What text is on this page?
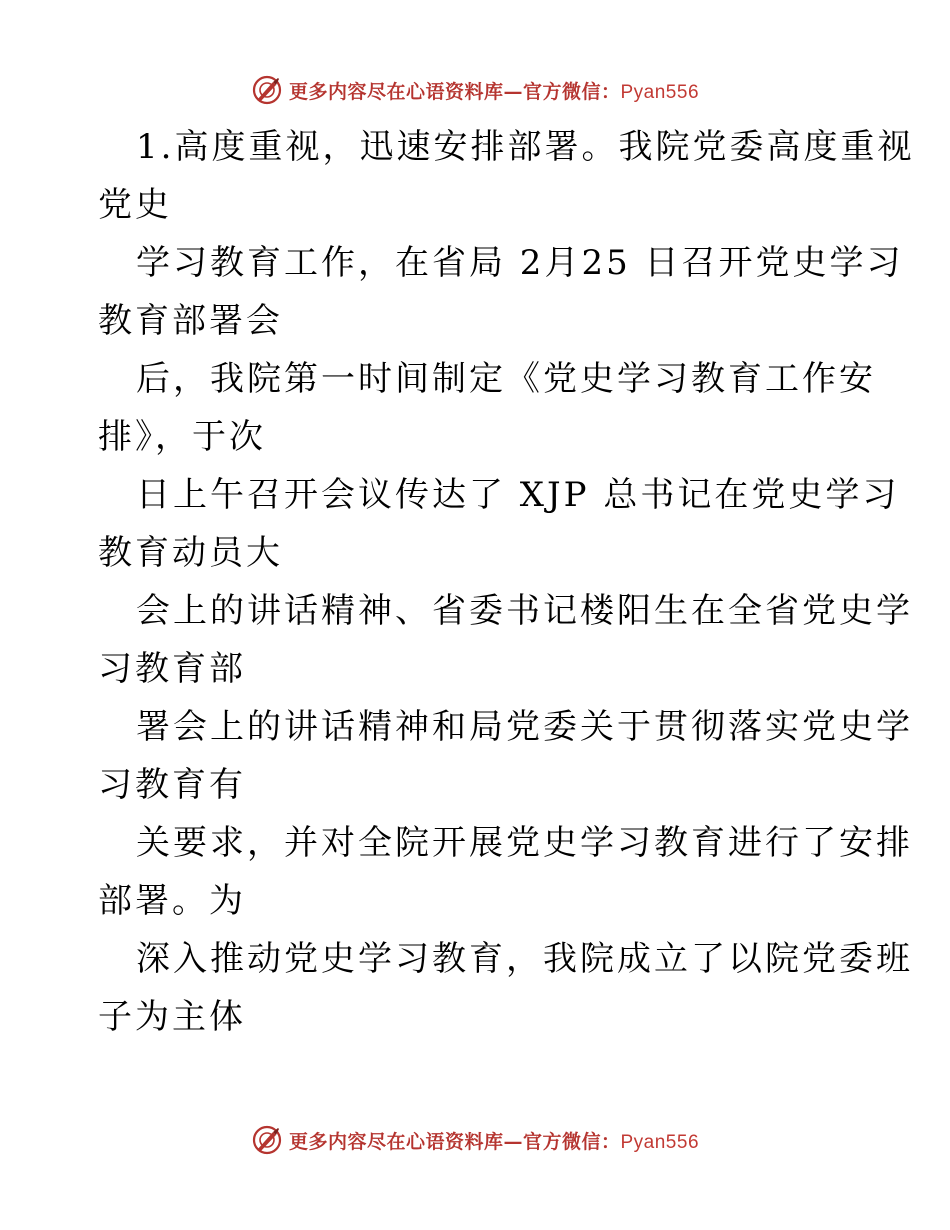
更多内容尽在心语资料库—官方微信：Pyan556
1.高度重视，迅速安排部署。我院党委高度重视
党史
学习教育工作，在省局 2月25 日召开党史学习
教育部署会
后，我院第一时间制定《党史学习教育工作安
排》，于次
日上午召开会议传达了 XJP 总书记在党史学习
教育动员大
会上的讲话精神、省委书记楼阳生在全省党史学
习教育部
署会上的讲话精神和局党委关于贯彻落实党史学
习教育有
关要求，并对全院开展党史学习教育进行了安排
部署。为
深入推动党史学习教育，我院成立了以院党委班
子为主体
更多内容尽在心语资料库—官方微信：Pyan556
